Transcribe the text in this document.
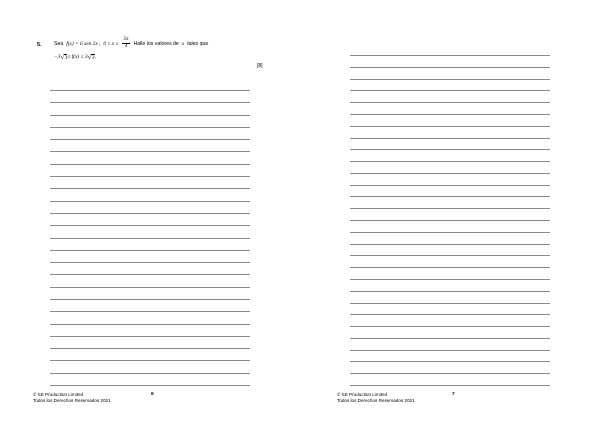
5. Sea f(x) = 6 sen 2x , $0 \le x \le \frac{5\pi}{4}$ Halle los valores de x tales que
−3 √3 ≤ f(x) ≤ 3 √3 .
[8]
© SE Production Limited
Todos los Derechos Reservados 2021
6	© SE Production Limited
Todos los Derechos Reservados 2021
7
